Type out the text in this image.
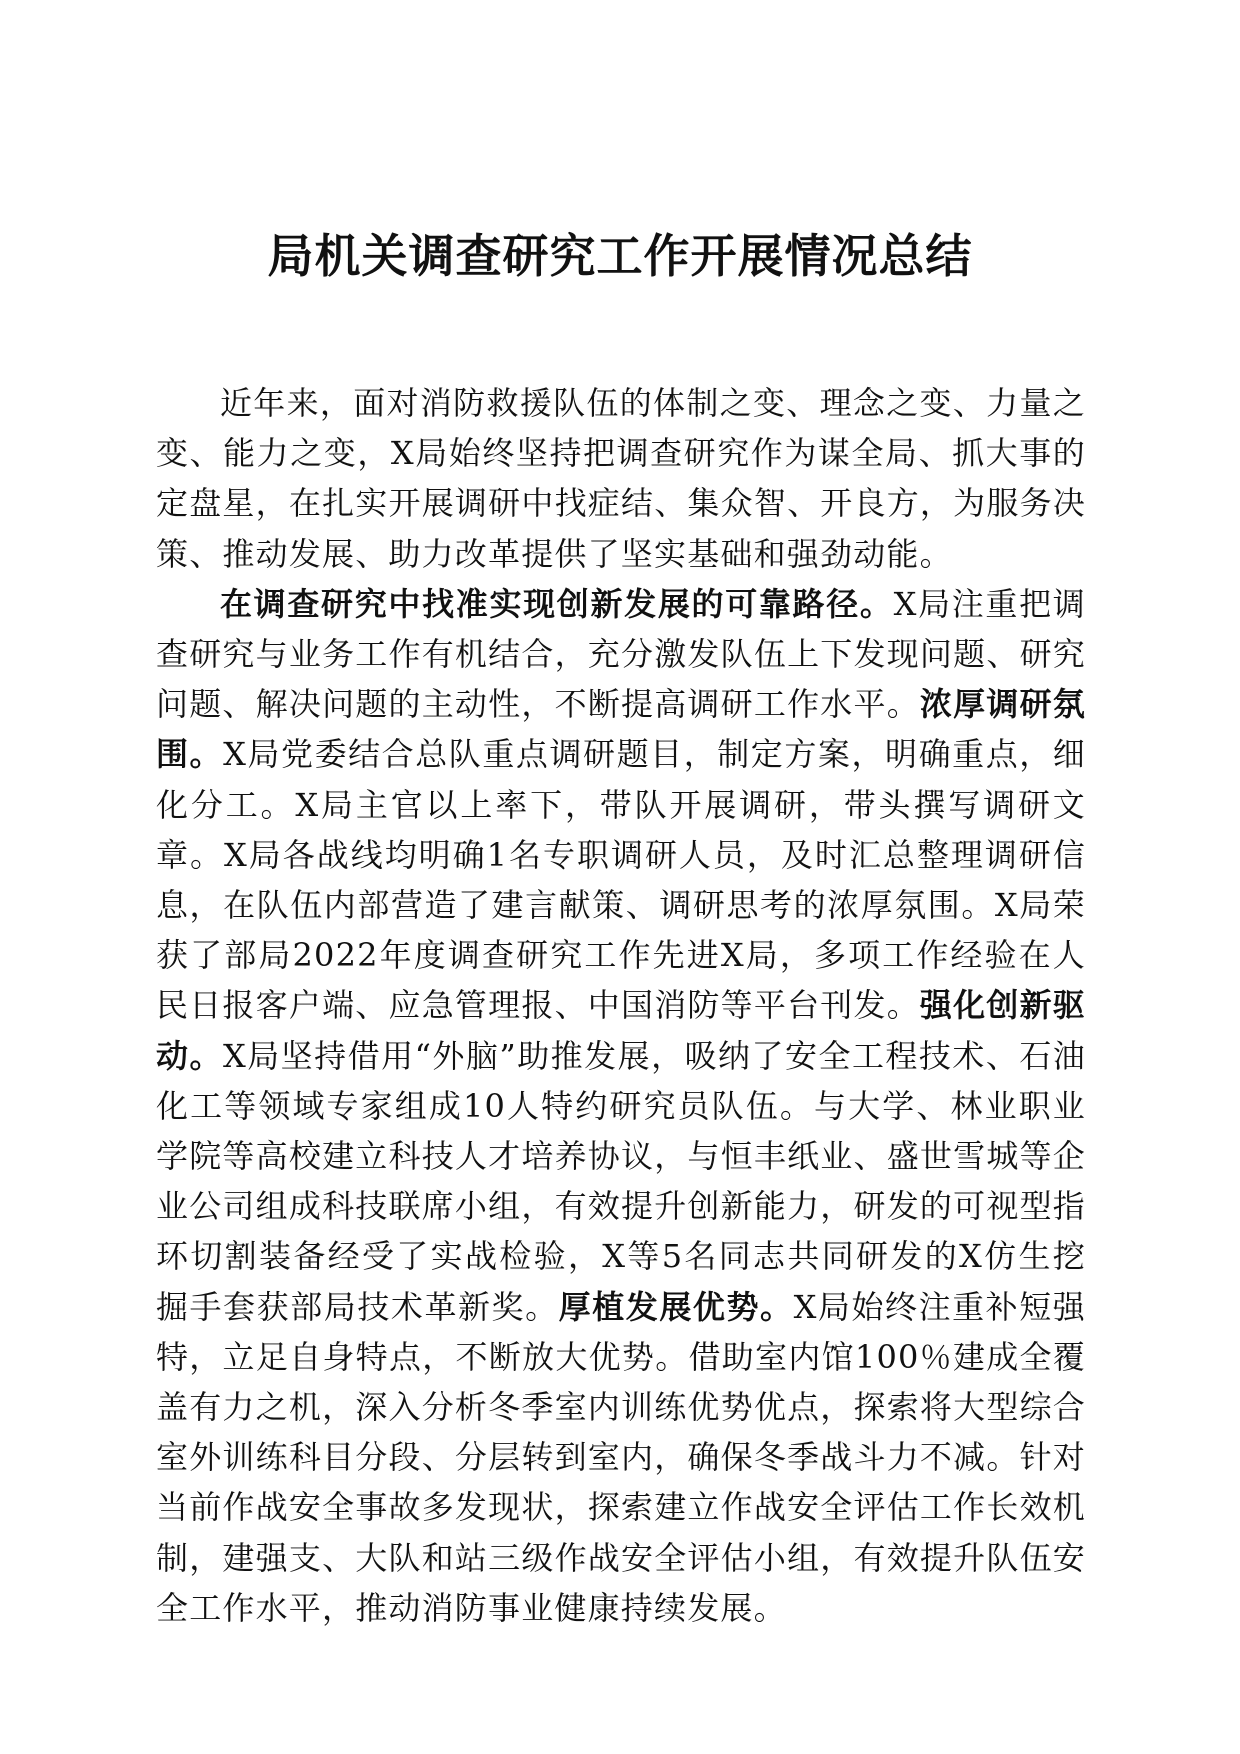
局机关调查研究工作开展情况总结

近年来，面对消防救援队伍的体制之变、理念之变、力量之变、能力之变，X局始终坚持把调查研究作为谋全局、抓大事的定盘星，在扎实开展调研中找症结、集众智、开良方，为服务决策、推动发展、助力改革提供了坚实基础和强劲动能。

在调查研究中找准实现创新发展的可靠路径。X局注重把调查研究与业务工作有机结合，充分激发队伍上下发现问题、研究问题、解决问题的主动性，不断提高调研工作水平。浓厚调研氛围。X局党委结合总队重点调研题目，制定方案，明确重点，细化分工。X局主官以上率下，带队开展调研，带头撰写调研文章。X局各战线均明确1名专职调研人员，及时汇总整理调研信息，在队伍内部营造了建言献策、调研思考的浓厚氛围。X局荣获了部局2022年度调查研究工作先进X局，多项工作经验在人民日报客户端、应急管理报、中国消防等平台刊发。强化创新驱动。X局坚持借用“外脑”助推发展，吸纳了安全工程技术、石油化工等领域专家组成10人特约研究员队伍。与大学、林业职业学院等高校建立科技人才培养协议，与恒丰纸业、盛世雪城等企业公司组成科技联席小组，有效提升创新能力，研发的可视型指环切割装备经受了实战检验，X等5名同志共同研发的X仿生挖掘手套获部局技术革新奖。厚植发展优势。X局始终注重补短强特，立足自身特点，不断放大优势。借助室内馆100％建成全覆盖有力之机，深入分析冬季室内训练优势优点，探索将大型综合室外训练科目分段、分层转到室内，确保冬季战斗力不减。针对当前作战安全事故多发现状，探索建立作战安全评估工作长效机制，建强支、大队和站三级作战安全评估小组，有效提升队伍安全工作水平，推动消防事业健康持续发展。
